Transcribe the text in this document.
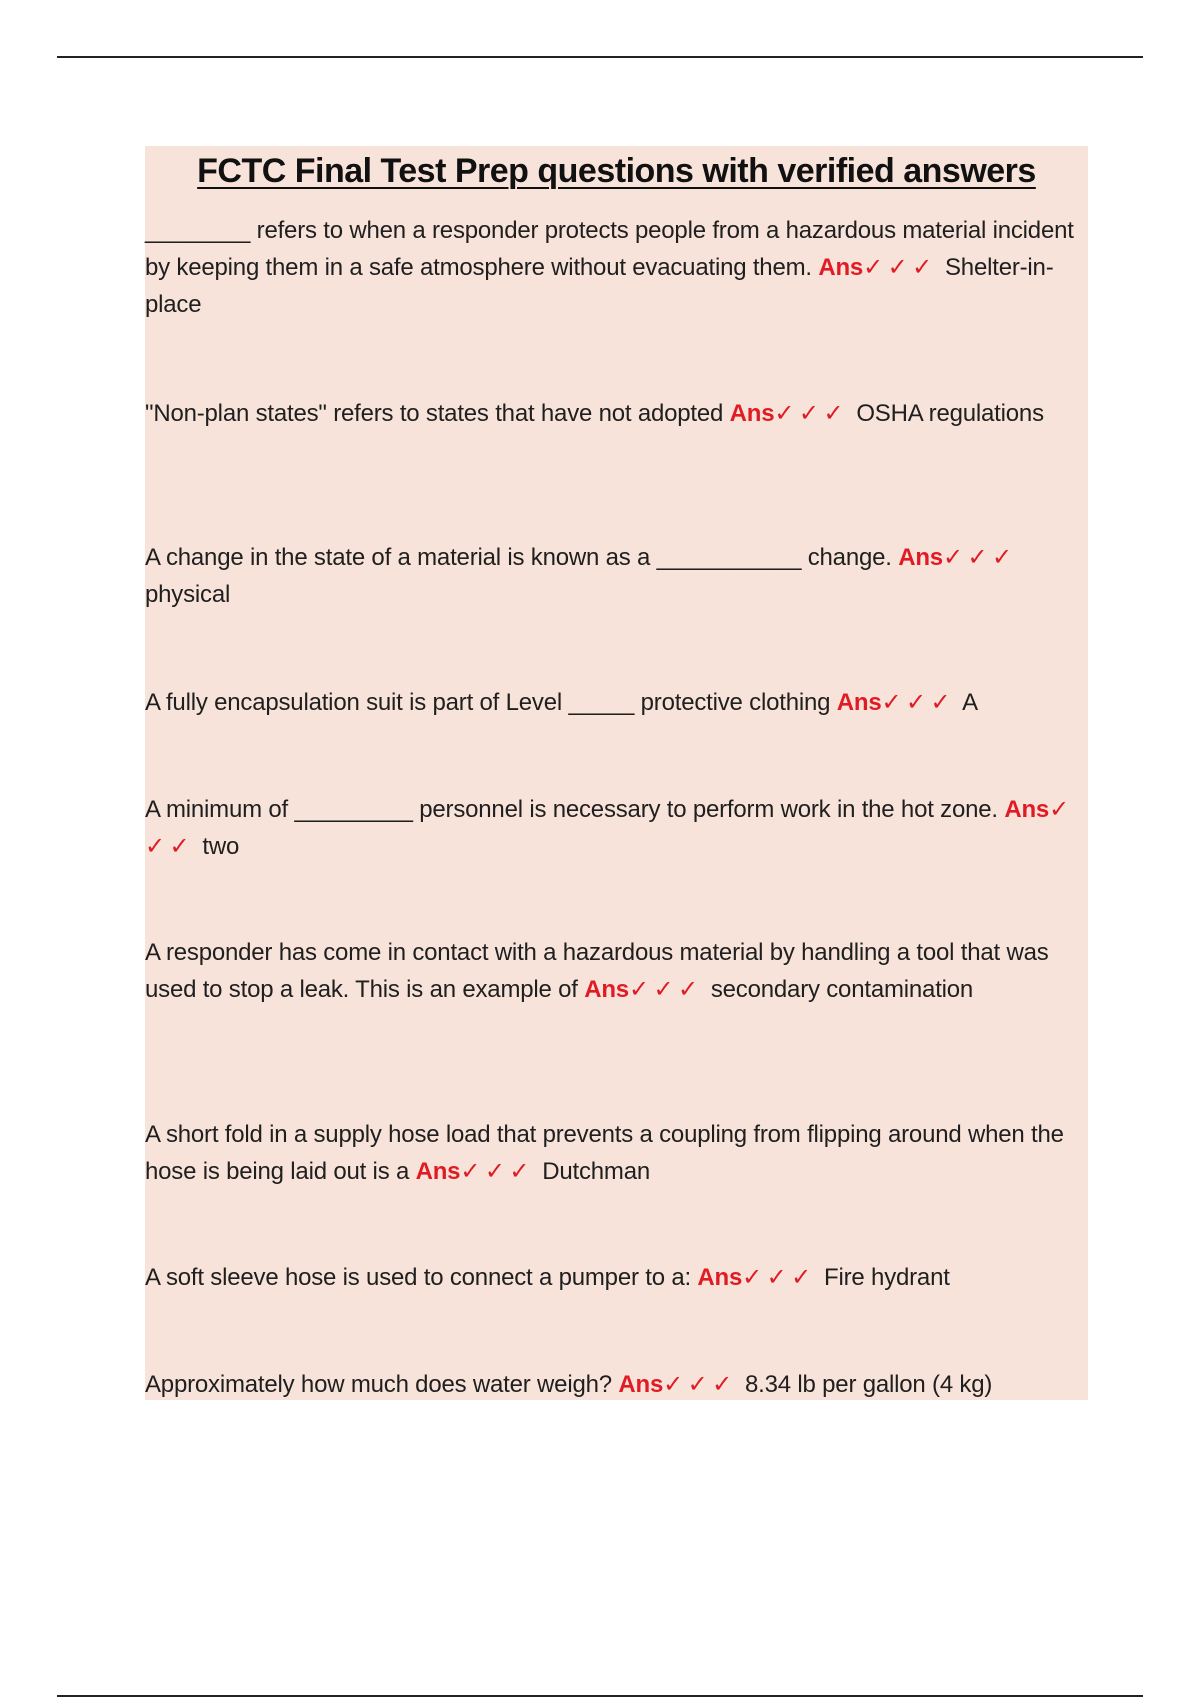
FCTC Final Test Prep questions with verified answers
________ refers to when a responder protects people from a hazardous material incident by keeping them in a safe atmosphere without evacuating them. Ans✓ ✓ ✓ Shelter-in-place
"Non-plan states" refers to states that have not adopted Ans✓ ✓ ✓ OSHA regulations
A change in the state of a material is known as a ___________ change. Ans✓ ✓ ✓  physical
A fully encapsulation suit is part of Level _____ protective clothing Ans✓ ✓ ✓ A
A minimum of _________ personnel is necessary to perform work in the hot zone. Ans✓ ✓ ✓ two
A responder has come in contact with a hazardous material by handling a tool that was used to stop a leak. This is an example of Ans✓ ✓ ✓ secondary contamination
A short fold in a supply hose load that prevents a coupling from flipping around when the hose is being laid out is a Ans✓ ✓ ✓ Dutchman
A soft sleeve hose is used to connect a pumper to a: Ans✓ ✓ ✓ Fire hydrant
Approximately how much does water weigh? Ans✓ ✓ ✓ 8.34 lb per gallon (4 kg)
